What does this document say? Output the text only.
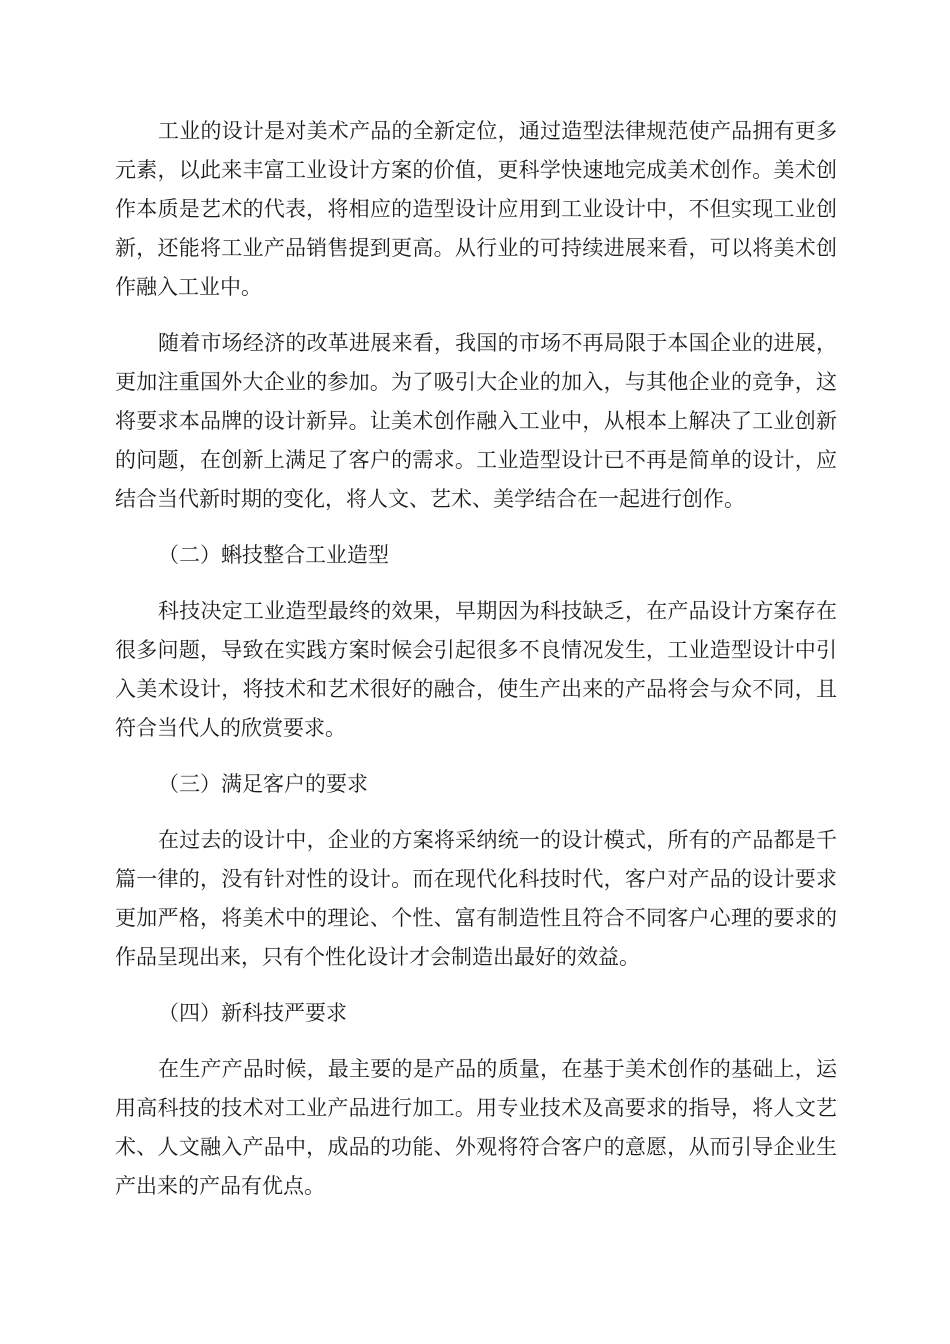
工业的设计是对美术产品的全新定位，通过造型法律规范使产品拥有更多元素，以此来丰富工业设计方案的价值，更科学快速地完成美术创作。美术创作本质是艺术的代表，将相应的造型设计应用到工业设计中，不但实现工业创新，还能将工业产品销售提到更高。从行业的可持续进展来看，可以将美术创作融入工业中。

随着市场经济的改革进展来看，我国的市场不再局限于本国企业的进展，更加注重国外大企业的参加。为了吸引大企业的加入，与其他企业的竞争，这将要求本品牌的设计新异。让美术创作融入工业中，从根本上解决了工业创新的问题，在创新上满足了客户的需求。工业造型设计已不再是简单的设计，应结合当代新时期的变化，将人文、艺术、美学结合在一起进行创作。

（二）蝌技整合工业造型

科技决定工业造型最终的效果，早期因为科技缺乏，在产品设计方案存在很多问题，导致在实践方案时候会引起很多不良情况发生，工业造型设计中引入美术设计，将技术和艺术很好的融合，使生产出来的产品将会与众不同，且符合当代人的欣赏要求。

（三）满足客户的要求

在过去的设计中，企业的方案将采纳统一的设计模式，所有的产品都是千篇一律的，没有针对性的设计。而在现代化科技时代，客户对产品的设计要求更加严格，将美术中的理论、个性、富有制造性且符合不同客户心理的要求的作品呈现出来，只有个性化设计才会制造出最好的效益。

（四）新科技严要求

在生产产品时候，最主要的是产品的质量，在基于美术创作的基础上，运用高科技的技术对工业产品进行加工。用专业技术及高要求的指导，将人文艺术、人文融入产品中，成品的功能、外观将符合客户的意愿，从而引导企业生产出来的产品有优点。
